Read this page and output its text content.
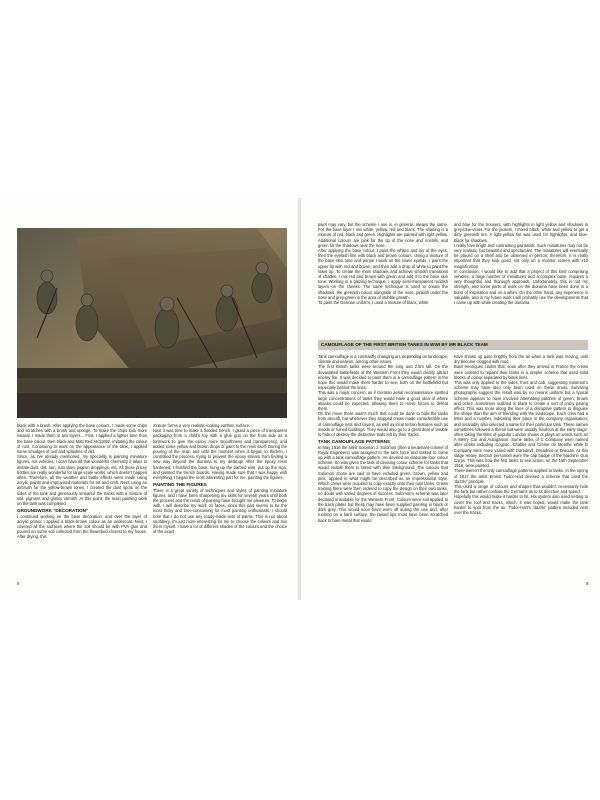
black with a brush. After applying the base colours, I made some chips and scratches with a brush and sponge. To make the chips look more natural, I made them in two layers... First, I applied a lighter tone than the base colour, then black and Matt Red AK11092, imitating the colour of rust. Continuing to work on the appearance of the tank, I applied some smudges of rust and splashes of dirt.

Since, as I've already mentioned, my speciality is painting miniature figures, not vehicles, I don't have all that wonderful chemistry it takes to imitate dust, dirt, rain, rust stain, pigeon droppings, etc. All those pricey bottles are really wonderful for large-scale works, which doesn't happen often. Therefore, all the weather and battle effects were made using acrylic paints and improvised materials for art and craft. Next, using an airbrush for the yellow-brown tones, I created the dust spots on the sides of the tank and generously smeared the tracks with a mixture of soil, pigment and glossy varnish. At this point, the main painting work on the tank was completed.

GROUNDWORK "DECORATION"

I continued working on the base decoration, and over the layer of acrylic primer I applied a black-brown colour as an undercoat. Next, I covered all the surfaces where the soil should be with PVA glue and poured on some soil collected from the flowerbed closest to my house. After drying, this

mixture forms a very realistic-looking earthen surface.

Next it was time to make a flooded trench. I glued a piece of transparent packaging from a child's toy with a glue gun on the front side as a formwork to give the epoxy more smoothness and transparency, and added some yellow and brown drops of paint to the resin itself. During the pouring of the resin and until the moment when it began to thicken, I controlled the process, trying to prevent the epoxy stream from finding a new way beyond the diorama to my desktop! After the epoxy resin hardened, I finished the base, hung up the barbed wire, put up the sign, and painted the trench boards. Having made sure that I was happy with everything, I began the most interesting part for me, painting the figures.

PAINTING THE FIGURES

There is a great variety of techniques and styles of painting miniature figures, and I have been sharpening my skills for several years until both the process and the result of painting have brought me pleasure. To begin with, I will describe my work on faces, since this part seems to be the most tricky and time-consuming for most painting enthusiasts. I should note that I do not use any ready-made sets of paints. This is not about snobbery, it's just more interesting for me to choose the colours and mix them myself. I have a lot of different shades of the colours and the choice of the exact

8

paint may vary, but the scheme I use is, in general, always the same. For the base layer I mix white, yellow, red and black. The shading is a mixture of red, black and green. Highlights are painted with light yellow. Additional colours are pink for the tip of the nose and nostrils, and green for the shadows near the nose.

After applying the base colour, I paint the whites and iris of the eyes, then the eyelash line with black and brown colours. Using a mixture of the base skin tone and purple I work on the lower eyelids. I paint the upper lip with red and brown, and then add a drop of white to paint the lower lip. To create the main shadows and achieve smooth transitions of shades, I mix red and brown with green and add it to the base skin tone. Working in a glazing technique, I apply semi-transparent reddish layers on the cheeks. The same technique is used to create the shadows, the greenish colour alongside of the nose, pinkish under the nose and grey-green in the area of stubble growth.

To paint the German uniform, I used a mixture of black, white

and blue for the trousers, with highlights in light yellow and shadows in grey-blue-violet. For the jackets, I mixed black, white and yellow to get a dirty greenish tint. A light-yellow tint was used for highlights, and blue-black for shadows.

I really love bright and contrasting paintwork. Such miniatures may not be very realistic, but beautiful and spectacular. The miniatures will eventually be placed on a shelf and be observed in person; therefore, it is really important that they look good, not only on a monitor screen with x10 magnification.

In conclusion, I would like to add that a project of this kind comprising vehicles, a large number of miniatures and a complex base, requires a very thoughtful and thorough approach. Unfortunately, this is not my strength, and some parts of work on the diorama have been done in a burst of inspiration and on a whim. On the other hand, any experience is valuable, and in my future work I will probably use the developments that I came up with while creating the diorama.

CAMOUFLAGE OF THE FIRST BRITISH TANKS IN WWI BY MR BLACK TEAM

Tank camouflage is a constantly changing art, depending on landscape, climate and season, among other issues.

The first British tanks were around 8m long and 2.5m tall. On the devastated battlefields of the Western Front they would clearly attract enemy fire. It was decided to paint them in a camouflage pattern in the hope this would make them harder to see, both on the battlefield but especially behind the lines.

This was a major concern, as if German aerial reconnaissance spotted large concentrations of tanks they would have a good idea of where attacks could be expected, allowing them to move forces to defeat them.

On the move there wasn't much that could be done to hide the tanks from aircraft, but whenever they stopped crews made considerable use of camouflage nets and covers, as well as local terrain features such as woods or ruined buildings. They would also go to a great deal of trouble to hide or destroy the distinctive trails left by their tracks.

TANK CAMOUFLAGE PATTERNS

In May 1916 the artist Solomon J. Solomon (then a lieutenant-colonel of Royal Engineers) was assigned to the tank force and tasked to come up with a tank camouflage pattern. He devised an elaborate four colour scheme. So was given the task of devising colour scheme for tanks that would enable them to blend with their background. The colours that Solomon chose are said to have included green, brown, yellow and pink, applied in what might be described as an impressionist style. Which crews were required to copy exactly onto their own tanks. Crews training there were then ordered to copy the design on their own tanks, no doubt with varied degrees of success. Solomon's scheme was later declared unsuitable for the Western Front. Colours were soil applied to the track plates but these may have been supplied painting in black or dark grey. This would soon have worn off during the use and, after running on a hard surface, the raised lips must have been scratched back to bare metal that would

have shown up quite brightly from the air when a tank was moving, until dry become clogged with mud.

Basil Henriques claims that, soon after they arrived in France the crews were ordered to repaint their tanks in a simpler scheme that used solid blocks of colour separated by black lines.

This was only applied to the sides, front and cab, suggesting Solomon's scheme may have also only been used on these areas. Surviving photographs suggest the result was by no means uniform but a typical scheme appears to have involved alternating patches of green, brown and ochre, sometimes outlined in black to create a sort of crazy paving effect. This was more along the lines of a disruptive pattern to disguise the shape than the aim of blending with the landscape. Each crew had a letter and a number, indicating their place in the company organisation, and invariably also selected a name for their particular tank. These names sometimes followed a theme but were usually frivolous at the early stage; often taking the titles of popular London shows or plays on words such as A Merry Car and Autogaston. Some tanks of C Company were named after drinks including Cognac, Chablis and Crème de Menthe while D Company were more varied with Daredevil, Dreadnot or Dracula. At this stage Heavy Section personnel wore the cap badge of the Machine Gun Corps. This was how the first tanks to see action, on the 15th September 1916, were painted.

There weren't the only camouflage patterns applied to tanks. In the spring of 1917 the artist Ernest Tudor-Hart devised a scheme that used the 'dazzle' principle.

This used a range of colours and shapes that wouldn't necessarily hide the tank but rather confuse the Germans as to its direction and speed.

Hopefully this would make it harder to hit. His system also used netting to cover the roof and tracks, which, it was hoped, would make the tank harder to spot from the air. Tudor-Hart's 'dazzle' pattern included nets over the tracks.

9
